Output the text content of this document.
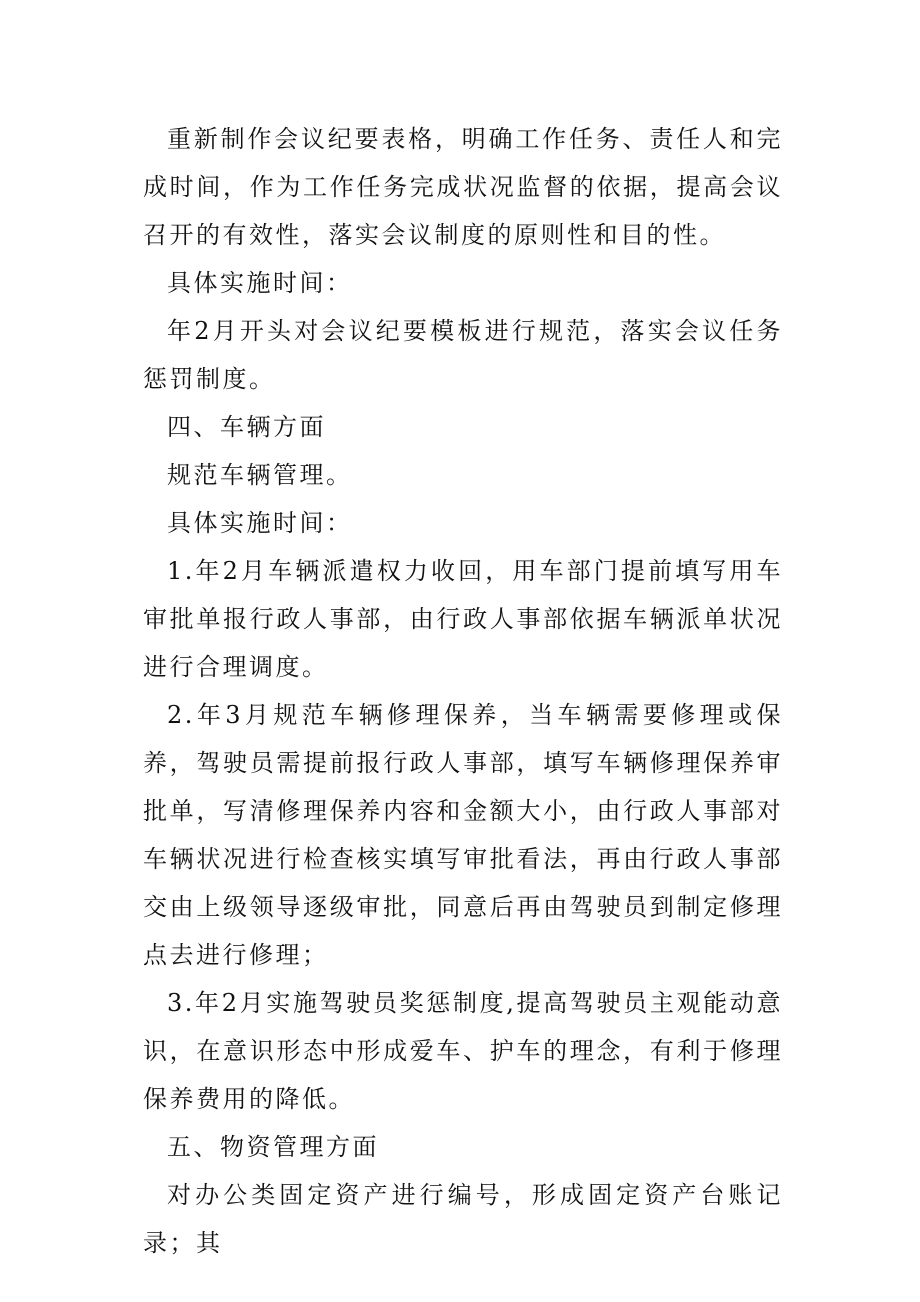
重新制作会议纪要表格，明确工作任务、责任人和完成时间，作为工作任务完成状况监督的依据，提高会议召开的有效性，落实会议制度的原则性和目的性。

具体实施时间：

年2月开头对会议纪要模板进行规范，落实会议任务惩罚制度。

四、车辆方面

规范车辆管理。

具体实施时间：

1.年2月车辆派遣权力收回，用车部门提前填写用车审批单报行政人事部，由行政人事部依据车辆派单状况进行合理调度。

2.年3月规范车辆修理保养，当车辆需要修理或保养，驾驶员需提前报行政人事部，填写车辆修理保养审批单，写清修理保养内容和金额大小，由行政人事部对车辆状况进行检查核实填写审批看法，再由行政人事部交由上级领导逐级审批，同意后再由驾驶员到制定修理点去进行修理；

3.年2月实施驾驶员奖惩制度,提高驾驶员主观能动意识，在意识形态中形成爱车、护车的理念，有利于修理保养费用的降低。

五、物资管理方面

对办公类固定资产进行编号，形成固定资产台账记录；其
